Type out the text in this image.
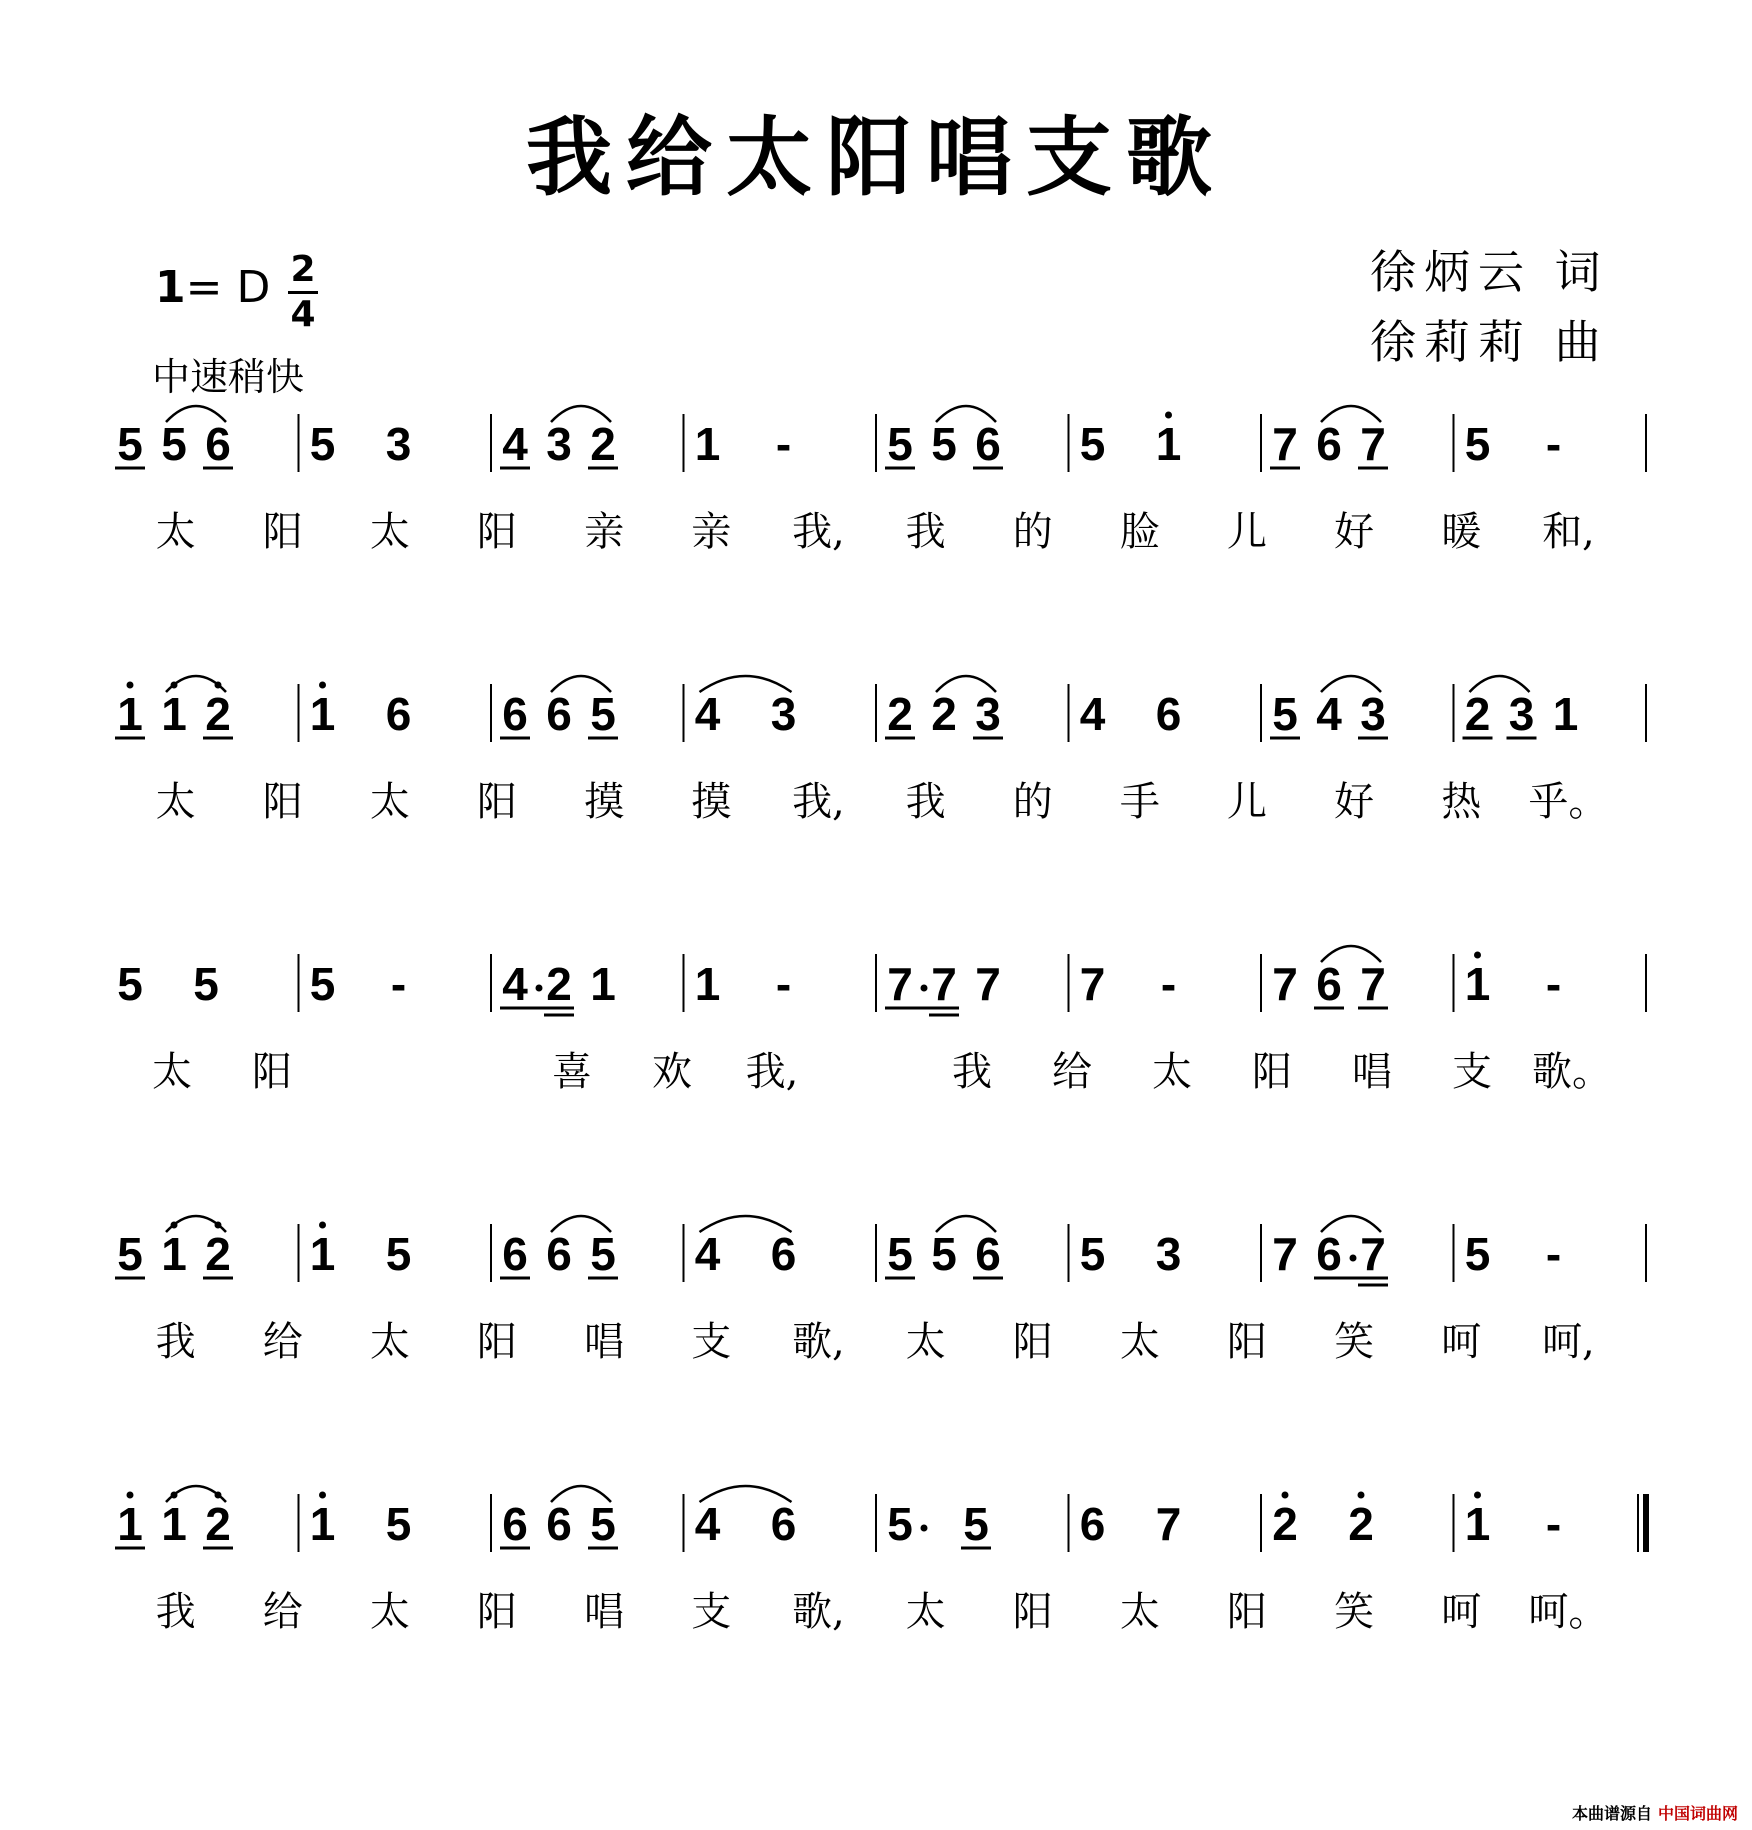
我给太阳唱支歌
1= D 2
4
中速稍快
徐炳云 词
徐莉莉 曲
5 5 6 5 3 4 3 2 1 - 5 5 6 5 1 7 6 7 5 -
太 阳 太 阳 亲 亲 我, 我 的 脸 儿 好 暖 和,
1 1 2 1 6 6 6 5 4 3 2 2 3 4 6 5 4 3 2 3 1
太 阳 太 阳 摸 摸 我, 我 的 手 儿 好 热 乎。
5 5 5 - 4 2 1 1 - 7 7 7 7 - 7 6 7 1 -
太 阳	喜 欢 我,	我 给 太 阳 唱 支 歌。
5 1 2 1 5 6 6 5 4 6 5 5 6 5 3 7 6 7 5 -
我 给 太 阳 唱 支 歌, 太 阳 太 阳 笑 呵 呵,
1 1 2 1 5 6 6 5 4 6 5 5 6 7 2 2 1 -
我 给 太 阳 唱 支 歌, 太 阳 太 阳 笑 呵 呵。
本曲谱源自 中国词曲网
